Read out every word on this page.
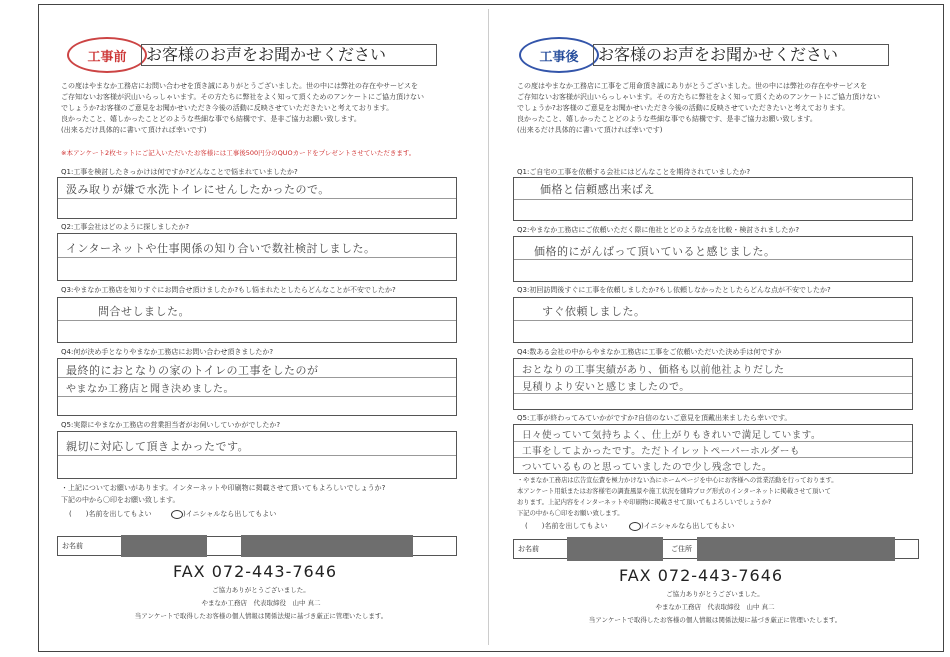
工事前	お客様のお声をお聞かせください
この度はやまなか工務店にお問い合わせを頂き誠にありがとうございました。世の中には弊社の存在やサービスを
ご存知ないお客様が沢山いらっしゃいます。その方たちに弊社をよく知って頂くためのアンケートにご協力頂けない
でしょうか?お客様のご意見をお聞かせいただき今後の活動に反映させていただきたいと考えております。
良かったこと、嬉しかったことどのような些細な事でも結構です、是非ご協力お願い致します。
(出来るだけ具体的に書いて頂ければ幸いです)
※本アンケート2枚セットにご記入いただいたお客様には工事後500円分のQUOカードをプレゼントさせていただきます。
Q1:工事を検討したきっかけは何ですか?どんなことで悩まれていましたか?
汲み取りが嫌で水洗トイレにせんしたかったので。
Q2:工事会社はどのように探しましたか?
インターネットや仕事関係の知り合いで数社検討しました。
Q3:やまなか工務店を知りすぐにお問合せ頂けましたか?もし悩まれたとしたらどんなことが不安でしたか?
問合せしました。
Q4:何が決め手となりやまなか工務店にお問い合わせ頂きましたか?
最終的におとなりの家のトイレの工事をしたのが
やまなか工務店と聞き決めました。
Q5:実際にやまなか工務店の営業担当者がお伺いしていかがでしたか?
親切に対応して頂きよかったです。
・上記についてお願いがあります。インターネットや印刷物に掲載させて頂いてもよろしいでしょうか?
下記の中から〇印をお願い致します。
(　　)名前を出してもよい	)イニシャルなら出してもよい
お名前
FAX 072-443-7646
ご協力ありがとうございました。
やまなか工務店　代表取締役　山中 真二
当アンケートで取得したお客様の個人情報は関係法規に基づき厳正に管理いたします。
工事後	お客様のお声をお聞かせください
この度はやまなか工務店に工事をご用命頂き誠にありがとうございました。世の中には弊社の存在やサービスを
ご存知ないお客様が沢山いらっしゃいます。その方たちに弊社をよく知って頂くためのアンケートにご協力頂けない
でしょうか?お客様のご意見をお聞かせいただき今後の活動に反映させていただきたいと考えております。
良かったこと、嬉しかったことどのような些細な事でも結構です、是非ご協力お願い致します。
(出来るだけ具体的に書いて頂ければ幸いです)
Q1:ご自宅の工事を依頼する会社にはどんなことを期待されていましたか?
価格と信頼感出来ばえ
Q2:やまなか工務店にご依頼いただく際に他社とどのような点を比較・検討されましたか?
価格的にがんばって頂いていると感じました。
Q3:初回訪問後すぐに工事を依頼しましたか?もし依頼しなかったとしたらどんな点が不安でしたか?
すぐ依頼しました。
Q4:数ある会社の中からやまなか工務店に工事をご依頼いただいた決め手は何ですか
おとなりの工事実績があり、価格も以前他社よりだした
見積りより安いと感じましたので。
Q5:工事が終わってみていかがですか?自信のないご意見を頂戴出来ましたら幸いです。
日々使っていて気持ちよく、仕上がりもきれいで満足しています。
工事をしてよかったです。ただトイレットペーパーホルダーも
ついているものと思っていましたので少し残念でした。
・やまなか工務店は広告宣伝費を極力かけない為にホームページを中心にお客様への営業活動を行っております。
本アンケート用紙またはお客様宅の調査風景や施工状況を随時ブログ形式のインターネットに掲載させて頂いて
おります。上記内容をインターネットや印刷物に掲載させて頂いてもよろしいでしょうか?
下記の中から〇印をお願い致します。
(　　)名前を出してもよい	)イニシャルなら出してもよい
お名前	ご住所
FAX 072-443-7646
ご協力ありがとうございました。
やまなか工務店　代表取締役　山中 真二
当アンケートで取得したお客様の個人情報は関係法規に基づき厳正に管理いたします。
